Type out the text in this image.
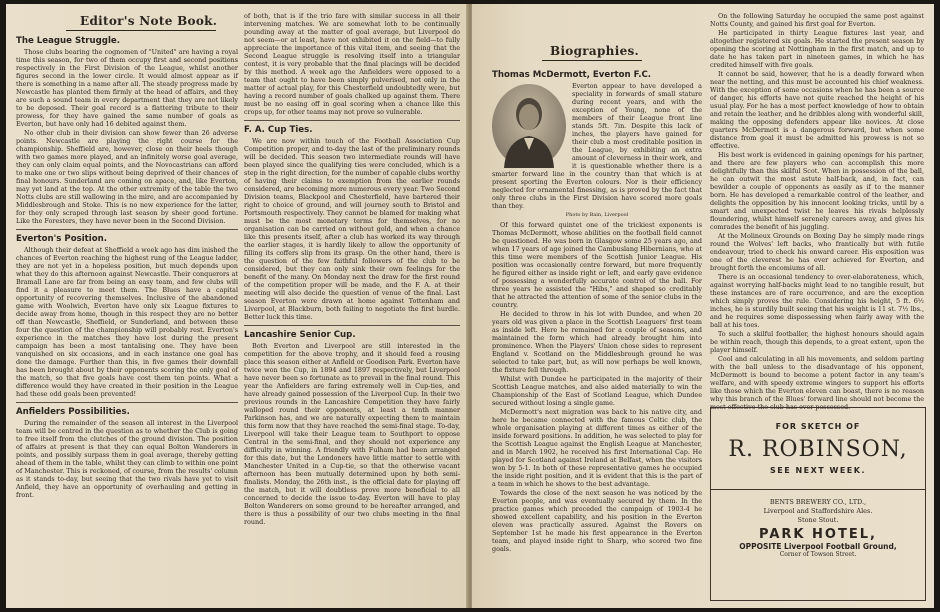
Editor's Note Book.
The League Struggle.

Those clubs bearing the cognomen of "United" are having a royal time this season, for two of them occupy first and second positions respectively in the First Division of the League, whilst another figures second in the lower circle. It would almost appear as if there is something in a name after all. The steady progress made by Newcastle has planted them firmly at the head of affairs, and they are such a sound team in every department that they are not likely to be deposed. Their goal record is a flattering tribute to their prowess, for they have gained the same number of goals as Everton, but have only had 16 debited against them.

No other club in their division can show fewer than 26 adverse points. Newcastle are playing the right course for the championship. Sheffield are, however, close on their heels though with two games more played, and an infinitely worse goal average, they can only claim equal points, and the Novocastrians can afford to make one or two slips without being deprived of their chances of final honours. Sunderland are coming on apace, and, like Everton, may yet land at the top. At the other extremity of the table the two Notts clubs are still wallowing in the mire, and are accompanied by Middlesbrough and Stoke. This is no new experience for the latter, for they only scraped through last season by sheer good fortune. Like the Foresters, they have never been in the Second Division.

Everton's Position.

Although their defeat at Sheffield a week ago has dim inished the chances of Everton reaching the highest rung of the League ladder, they are not yet in a hopeless position, but much depends upon what they do this afternoon against Newcastle. Their conquerors at Bramall Lane are far from being an easy team, and few clubs will find it a pleasure to meet them. The Blues have a capital opportunity of recovering themselves. Inclusive of the abandoned game with Woolwich, Everton have only six League fixtures to decide away from home, though in this respect they are no better off than Newcastle, Sheffield, or Sunderland, and between these four the question of the championship will probably rest. Everton's experience in the matches they have lost during the present campaign has been a most tantalising one. They have been vanquished on six occasions, and in each instance one goal has done the damage. Further than this, in five games their downfall has been brought about by their opponents scoring the only goal of the match, so that five goals have cost them ten points. What a difference would they have created in their position in the League had these odd goals been prevented!

Anfielders Possibilities.

During the remainder of the season all interest in the Liverpool team will be centred in the question as to whether the Club is going to free itself from the clutches of the ground division. The position of affairs at present is that they can equal Bolton Wanderers in points, and possibly surpass them in goal average, thereby getting ahead of them in the table, whilst they can climb to within one point of Manchester. This is reckoned, of course, from the results' column as it stands to-day, but seeing that the two rivals have yet to visit Anfield, they have an opportunity of overhauling and getting in front.

of both, that is if the trio fare with similar success in all their intervening matches. We are somewhat loth to be continually pounding away at the matter of goal average, but Liverpool do not seem—or at least, have not exhibited it on the field—to fully appreciate the importance of this vital item, and seeing that the Second League struggle is resolving itself into a triangular contest, it is very probable that the final placings will be decided by this method. A week ago the Anfielders were opposed to a team that ought to have been simply pulverised, not only in the matter of actual play, for this Chesterfield undoubtedly were, but having a record number of goals chalked up against them. There must be no easing off in goal scoring when a chance like this crops up, for other teams may not prove so vulnerable.

F. A. Cup Ties.

We are now within touch of the Football Association Cup Competition proper, and to-day the last of the preliminary rounds will be decided. This season two intermediate rounds will have been played since the qualifying ties were concluded, which is a step in the right direction, for the number of capable clubs worthy of having their claims to exemption from the earlier rounds considered, are becoming more numerous every year. Two Second Division teams, Blackpool and Chesterfield, have bartered their right to choice of ground, and will journey south to Bristol and Portsmouth respectively. They cannot be blamed for making what must be the most monetary terms for themselves, for no organisation can be carried on without gold, and when a chance like this presents itself, after a club has worked its way through the earlier stages, it is hardly likely to allow the opportunity of filling its coffers slip from its grasp. On the other hand, there is the question of the few faithful followers of the club to be considered, but they can only sink their own feelings for the benefit of the many. On Monday next the draw for the first round of the competition proper will be made, and the F. A. at their meeting will also decide the question of venue of the final. Last season Everton were drawn at home against Tottenham and Liverpool, at Blackburn, both failing to negotiate the first hurdle. Better luck this time.

Lancashire Senior Cup.

Both Everton and Liverpool are still interested in the competition for the above trophy, and it should feed a rousing place this season either at Anfield or Goodison Park. Everton have twice won the Cup, in 1894 and 1897 respectively, but Liverpool have never been so fortunate as to prevail in the final round. This year the Anfielders are faring extremely well in Cup-ties, and have already gained possession of the Liverpool Cup. In their two previous rounds in the Lancashire Competition they have fairly walloped round their opponents, at least a tenth manner Parkinson has, and we are naturally expecting them to maintain this form now that they have reached the semi-final stage. To-day, Liverpool will take their League team to Southport to oppose Central in the semi-final, and they should not experience any difficulty in winning. A friendly with Fulham had been arranged for this date, but the Londoners have little matter to settle with Manchester United in a Cup-tie, so that the otherwise vacant afternoon has been mutually determined upon by both semi-finalists. Monday, the 26th inst., is the official date for playing off the match, but it will doubtless prove more beneficial to all concerned to decide the issue to-day. Everton will have to play Bolton Wanderers on some ground to be hereafter arranged, and there is thus a possibility of our two clubs meeting in the final round.

Biographies.
Thomas McDermott, Everton F.C.

Everton appear to have developed a speciality in forwards of small stature during recent years, and with the exception of Young, none of the members of their League front line stands 5ft. 7in. Despite this lack of inches, the players have gained for their club a most creditable position in the League, by exhibiting an extra amount of cleverness in their work, and it is questionable whether there is a smarter forward line in the country than that which is at present sporting the Everton colours. Nor is their efficiency neglected for ornamental finessing, as is proved by the fact that only three clubs in the First Division have scored more goals than they.

Photo by Bain, Liverpool

Of this forward quintet one of the trickiest exponents is Thomas McDermott, whose abilities on the football field cannot be questioned. He was born in Glasgow some 25 years ago, and when 17 years of age joined the Cambuslang Hibernians, who at this time were members of the Scottish Junior League. His position was occasionally centre forward, but more frequently he figured either as inside right or left, and early gave evidence of possessing a wonderfully accurate control of the ball. For three years he assisted the "Hibs," and shaped so creditably that he attracted the attention of some of the senior clubs in the country.

He decided to throw in his lot with Dundee, and when 20 years old was given a place in the Scottish Leaguers' first team as inside left. Here he remained for a couple of seasons, and maintained the form which had already brought him into prominence. When the Players' Union chose sides to represent England v. Scotland on the Middlesbrough ground he was selected to take part, but, as will now perhaps be well known, the fixture fell through.

Whilst with Dundee he participated in the majority of their Scottish League matches, and also aided materially to win the Championship of the East of Scotland League, which Dundee secured without losing a single game.

McDermott's next migration was back to his native city, and here he became connected with the famous Celtic club, the whole organisation playing at different times as either of the inside forward positions. In addition, he was selected to play for the Scottish League against the English League at Manchester, and in March 1902, he received his first International Cap. He played for Scotland against Ireland at Belfast, when the visitors won by 5-1. In both of these representative games he occupied the inside right position, and it is evident that this is the part of a team in which he shows to the best advantage.

Towards the close of the next season he was noticed by the Everton people, and was eventually secured by them. In the practice games which preceded the campaign of 1903-4 he showed excellent capability, and his position in the Everton eleven was practically assured. Against the Rovers on September 1st he made his first appearance in the Everton team, and played inside right to Sharp, who scored two fine goals.

On the following Saturday he occupied the same post against Notts County, and gained his first goal for Everton.

He participated in thirty League fixtures last year, and altogether registered six goals. He started the present season by opening the scoring at Nottingham in the first match, and up to date he has taken part in nineteen games, in which he has credited himself with five goals.

It cannot be said, however, that he is a deadly forward when near the netting, and this must be accounted his chief weakness. With the exception of some occasions when he has been a source of danger, his efforts have not quite reached the height of his usual play. For he has a most perfect knowledge of how to obtain and retain the leather, and he dribbles along with wonderful skill, making the opposing defenders appear like novices. At close quarters McDermott is a dangerous forward, but when some distance from goal it must be admitted his prowess is not so effective.

His best work is evidenced in gaining openings for his partner, and there are few players who can accomplish this more delightfully than this skilful Scot. When in possession of the ball, he can outwit the most astute half-back, and, in fact, can bewilder a couple of opponents as easily as if to the manner born. He has developed a remarkable control of the leather, and delights the opposition by his innocent looking tricks, until by a smart and unexpected twist he leaves his rivals helplessly floundering, whilst himself serenely careers away, and gives his comrades the benefit of his juggling.

At the Molineux Grounds on Boxing Day he simply made rings round the Wolves' left backs, who frantically but with futile endeavour, tried to check his onward career. His exposition was one of the cleverest he has ever achieved for Everton, and brought forth the encomiums of all.

There is an occasional tendency to over-elaborateness, which, against worrying half-backs might lead to no tangible result, but these instances are of rare occurrence, and are the exception which simply proves the rule. Considering his height, 5 ft. 6½ inches, he is sturdily built seeing that his weight is 11 st. 7½ lbs., and he requires some dispossessing when fairly away with the ball at his toes.

To such a skilful footballer, the highest honours should again be within reach, though this depends, to a great extent, upon the player himself.

Cool and calculating in all his movements, and seldom parting with the ball unless to the disadvantage of his opponent, McDermott is bound to become a potent factor in any team's welfare, and with speedy extreme wingers to support his efforts like those which the Everton eleven can boast, there is no reason why this branch of the Blues' forward line should not become the most effective the club has ever possessed.

FOR SKETCH OF
R. ROBINSON,
SEE NEXT WEEK.
BENTS BREWERY CO., LTD.,
Liverpool and Staffordshire Ales.
Stone Stout.
PARK HOTEL,
OPPOSITE Liverpool Football Ground,
Corner of Towson Street.
